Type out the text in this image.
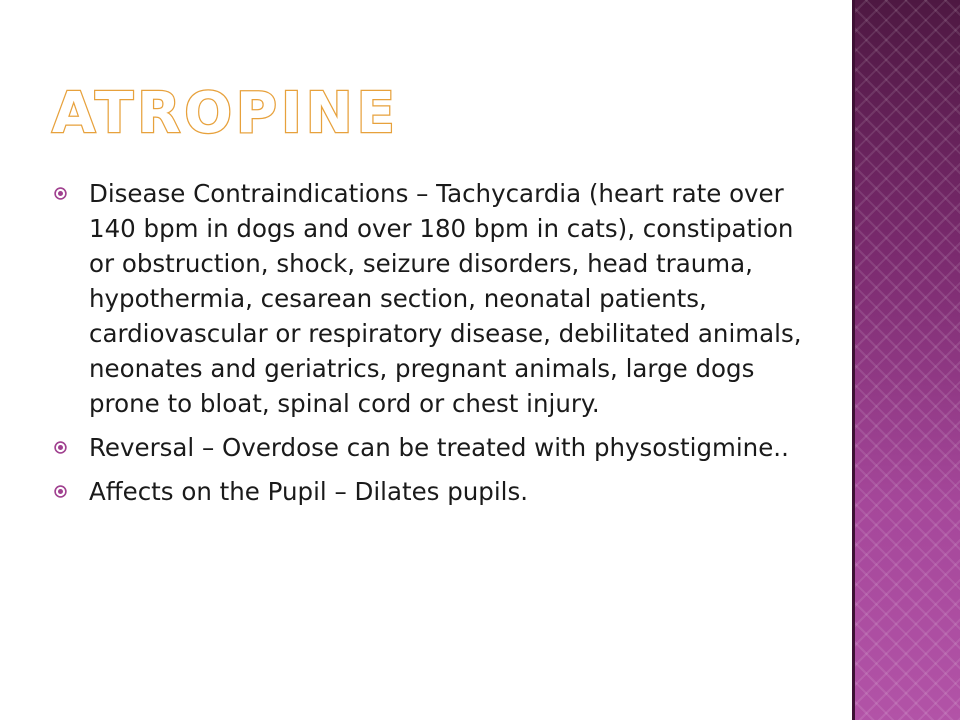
ATROPINE
Disease Contraindications – Tachycardia (heart rate over 140 bpm in dogs and over 180 bpm in cats), constipation or obstruction, shock, seizure disorders, head trauma, hypothermia, cesarean section, neonatal patients, cardiovascular or respiratory disease, debilitated animals, neonates and geriatrics, pregnant animals, large dogs prone to bloat, spinal cord or chest injury.
Reversal – Overdose can be treated with physostigmine..
Affects on the Pupil – Dilates pupils.
